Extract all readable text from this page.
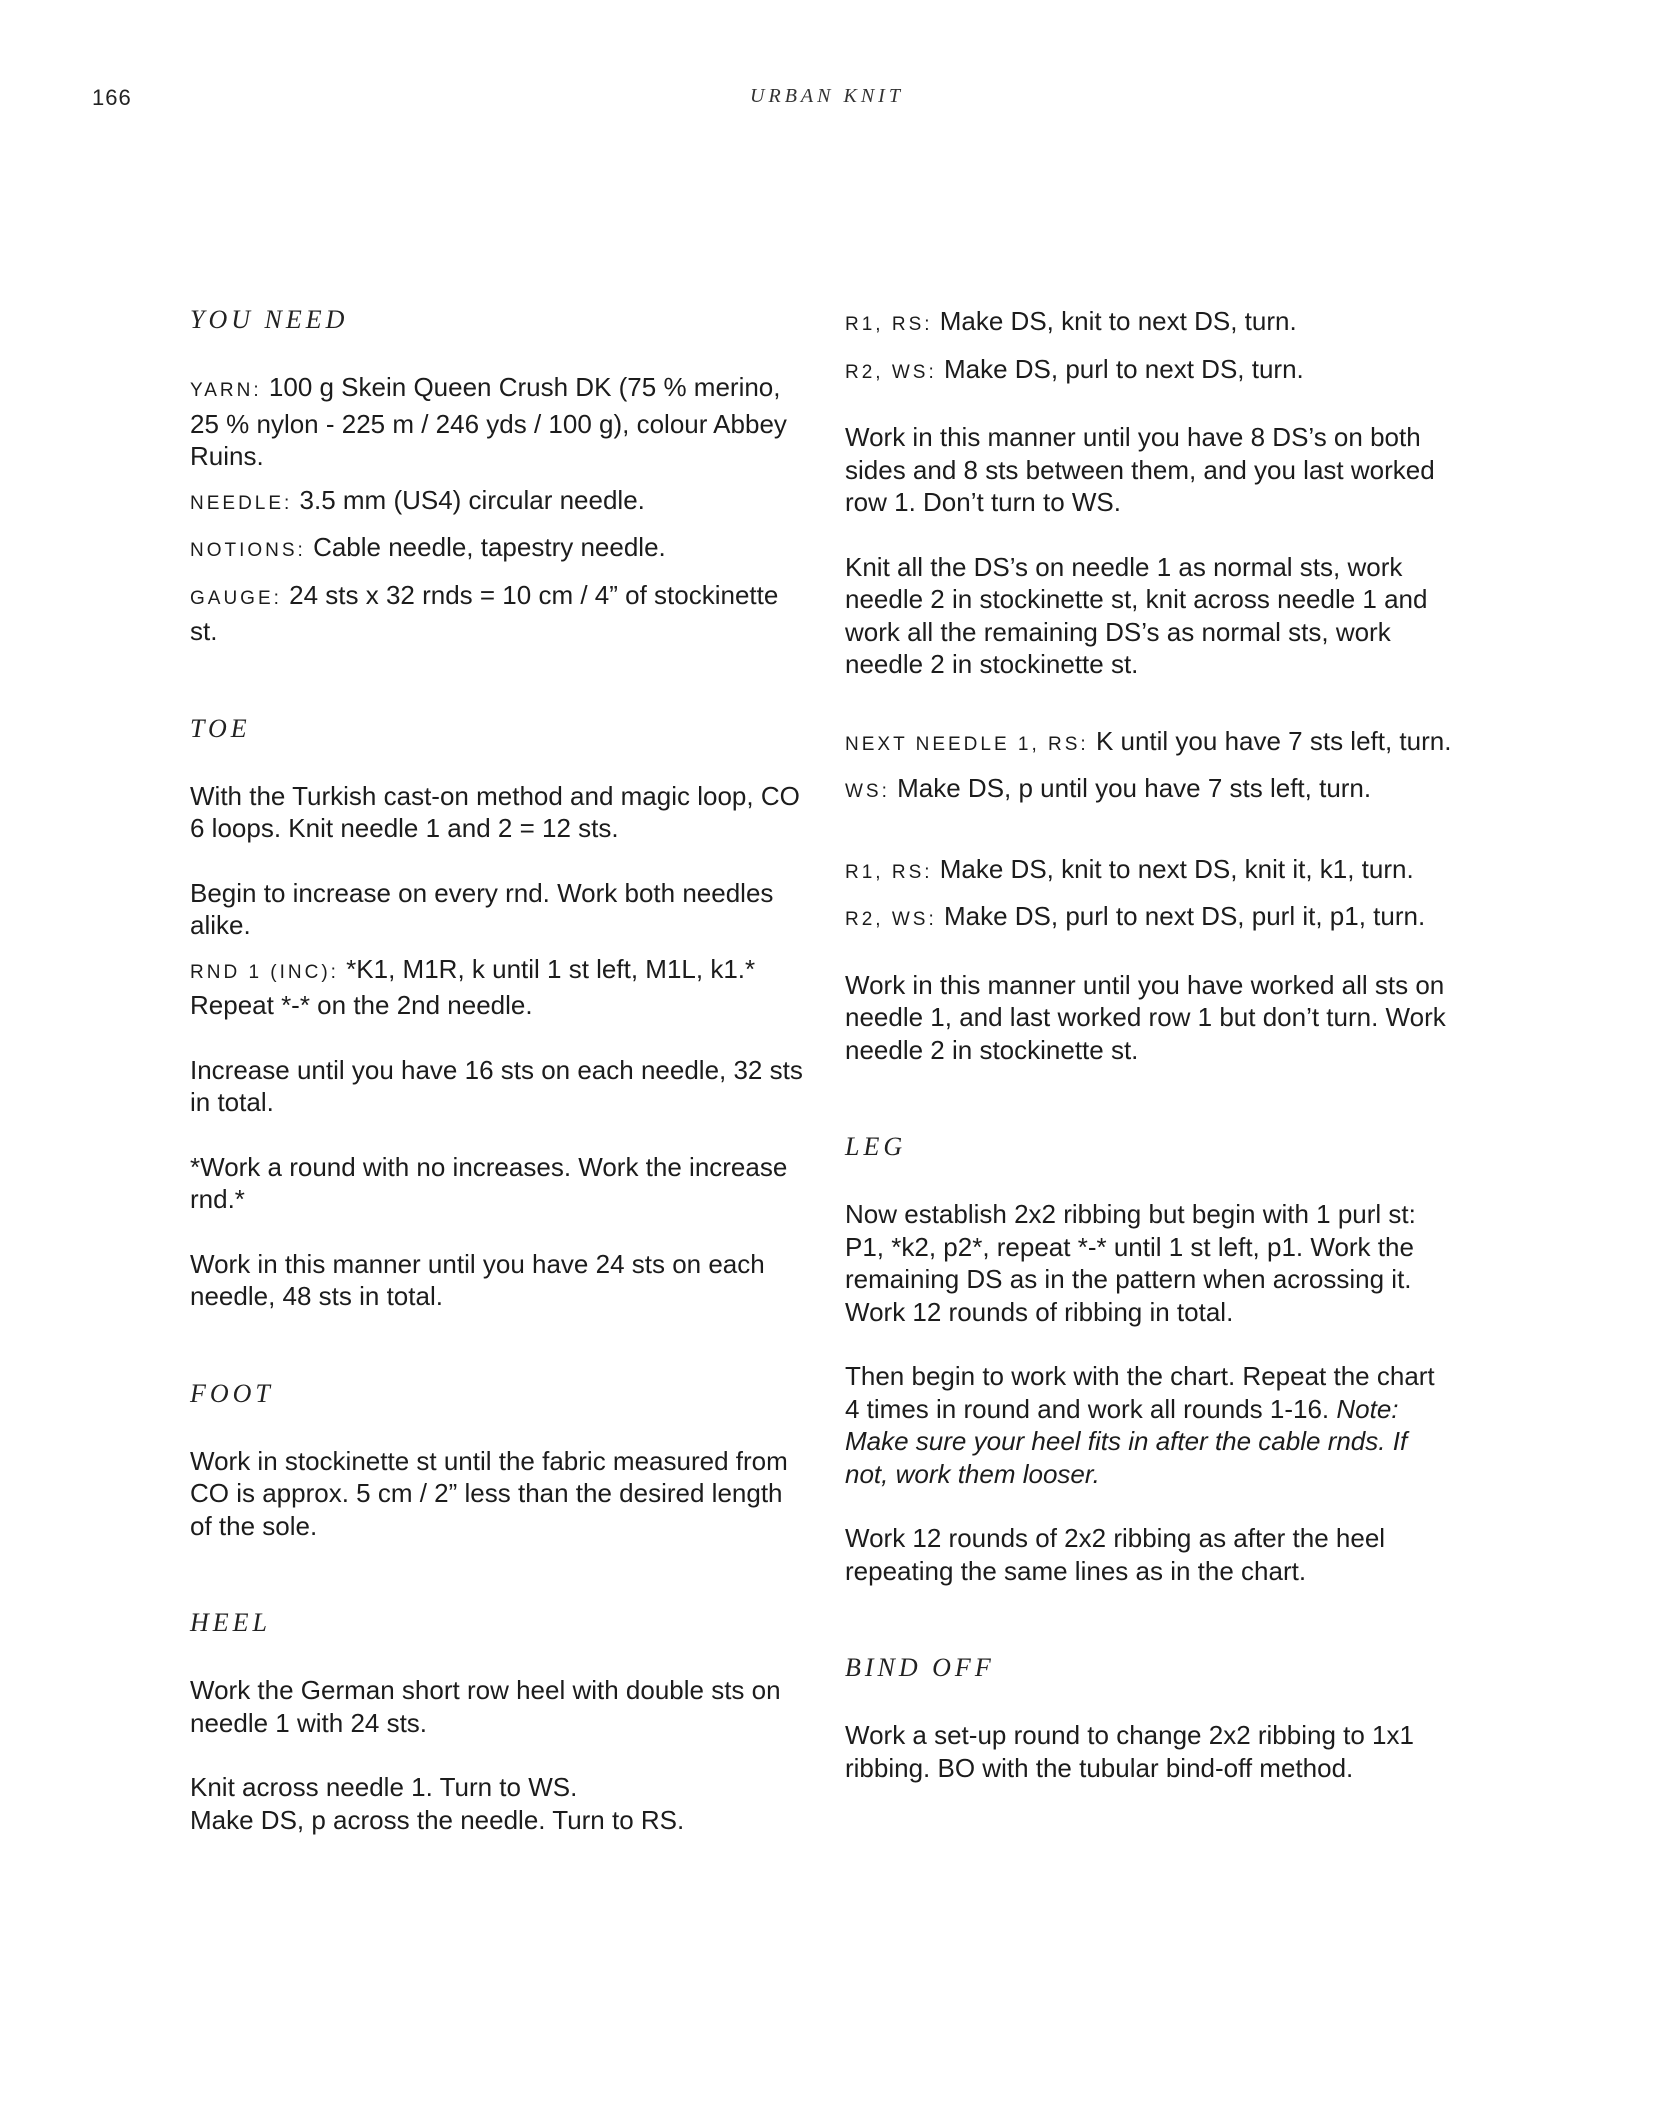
166	URBAN KNIT
YOU NEED

YARN: 100 g Skein Queen Crush DK (75 % merino, 25 % nylon - 225 m / 246 yds / 100 g), colour Abbey Ruins.

NEEDLE: 3.5 mm (US4) circular needle.

NOTIONS: Cable needle, tapestry needle.

GAUGE: 24 sts x 32 rnds = 10 cm / 4” of stockinette st.

TOE

With the Turkish cast-on method and magic loop, CO 6 loops. Knit needle 1 and 2 = 12 sts.

Begin to increase on every rnd. Work both needles alike.

RND 1 (INC): *K1, M1R, k until 1 st left, M1L, k1.* Repeat *-* on the 2nd needle.

Increase until you have 16 sts on each needle, 32 sts in total.

*Work a round with no increases. Work the increase rnd.*

Work in this manner until you have 24 sts on each needle, 48 sts in total.

FOOT

Work in stockinette st until the fabric measured from CO is approx. 5 cm / 2” less than the desired length of the sole.

HEEL

Work the German short row heel with double sts on needle 1 with 24 sts.

Knit across needle 1. Turn to WS.
Make DS, p across the needle. Turn to RS.

R1, RS: Make DS, knit to next DS, turn.

R2, WS: Make DS, purl to next DS, turn.

Work in this manner until you have 8 DS’s on both sides and 8 sts between them, and you last worked row 1. Don’t turn to WS.

Knit all the DS’s on needle 1 as normal sts, work needle 2 in stockinette st, knit across needle 1 and work all the remaining DS’s as normal sts, work needle 2 in stockinette st.

NEXT NEEDLE 1, RS: K until you have 7 sts left, turn.

WS: Make DS, p until you have 7 sts left, turn.

R1, RS: Make DS, knit to next DS, knit it, k1, turn.

R2, WS: Make DS, purl to next DS, purl it, p1, turn.

Work in this manner until you have worked all sts on needle 1, and last worked row 1 but don’t turn. Work needle 2 in stockinette st.

LEG

Now establish 2x2 ribbing but begin with 1 purl st: P1, *k2, p2*, repeat *-* until 1 st left, p1. Work the remaining DS as in the pattern when acrossing it. Work 12 rounds of ribbing in total.

Then begin to work with the chart. Repeat the chart 4 times in round and work all rounds 1-16. Note: Make sure your heel fits in after the cable rnds. If not, work them looser.

Work 12 rounds of 2x2 ribbing as after the heel repeating the same lines as in the chart.

BIND OFF

Work a set-up round to change 2x2 ribbing to 1x1 ribbing. BO with the tubular bind-off method.
